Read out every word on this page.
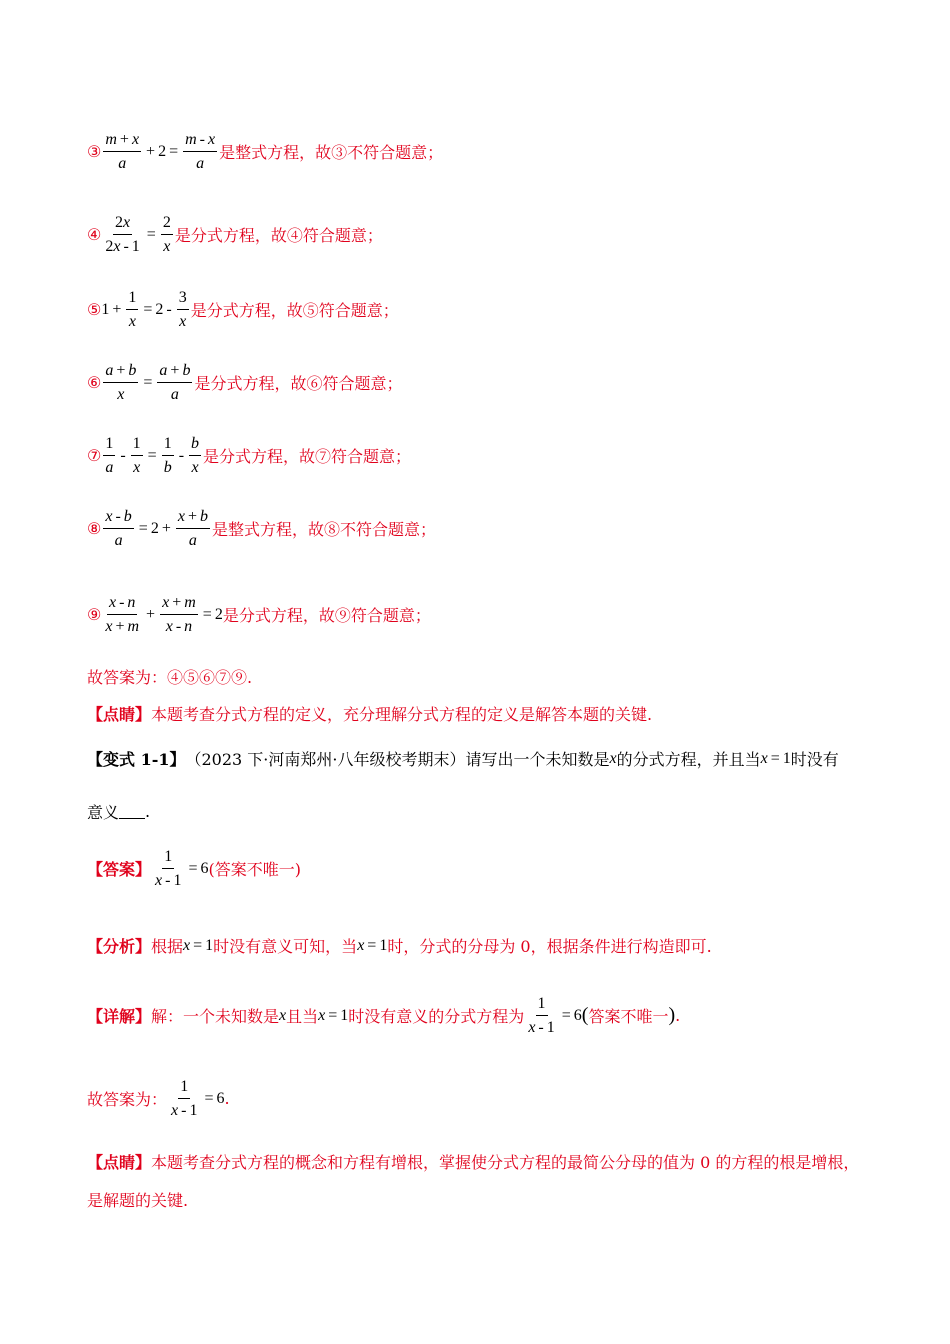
③ $\frac{m + x}{a} + 2 = \frac{m - x}{a}$ 是整式方程，故③不符合题意；
④ $\frac{2x}{2x - 1} = \frac{2}{x}$ 是分式方程，故④符合题意；
⑤ $1 + \frac{1}{x} = 2 - \frac{3}{x}$ 是分式方程，故⑤符合题意；
⑥ $\frac{a + b}{x} = \frac{a + b}{a}$ 是分式方程，故⑥符合题意；
⑦ $\frac{1}{a} - \frac{1}{x} = \frac{1}{b} - \frac{b}{x}$ 是分式方程，故⑦符合题意；
⑧ $\frac{x - b}{a} = 2 + \frac{x + b}{a}$ 是整式方程，故⑧不符合题意；
⑨ $\frac{x - n}{x + m} + \frac{x + m}{x - n} = 2$ 是分式方程，故⑨符合题意；
故答案为：④⑤⑥⑦⑨.
【点睛】 本题考查分式方程的定义，充分理解分式方程的定义是解答本题的关键.
【变式 1-1】 （2023 下·河南郑州·八年级校考期末） 请写出一个未知数是 x 的分式方程，并且当 x = 1 时没有
意义 .
【答案】 $\frac{1}{x - 1} = 6$ (答案不唯一)
【分析】 根据 x = 1 时没有意义可知，当 x = 1 时，分式的分母为 0，根据条件进行构造即可.
【详解】 解：一个未知数是 x 且当 x = 1 时没有意义的分式方程为 $\frac{1}{x - 1} = 6$ ( 答案不唯一 ) .
故答案为： $\frac{1}{x - 1} = 6$ .
【点睛】本题考查分式方程的概念和方程有增根，掌握使分式方程的最简公分母的值为 0 的方程的根是增根，是解题的关键.
